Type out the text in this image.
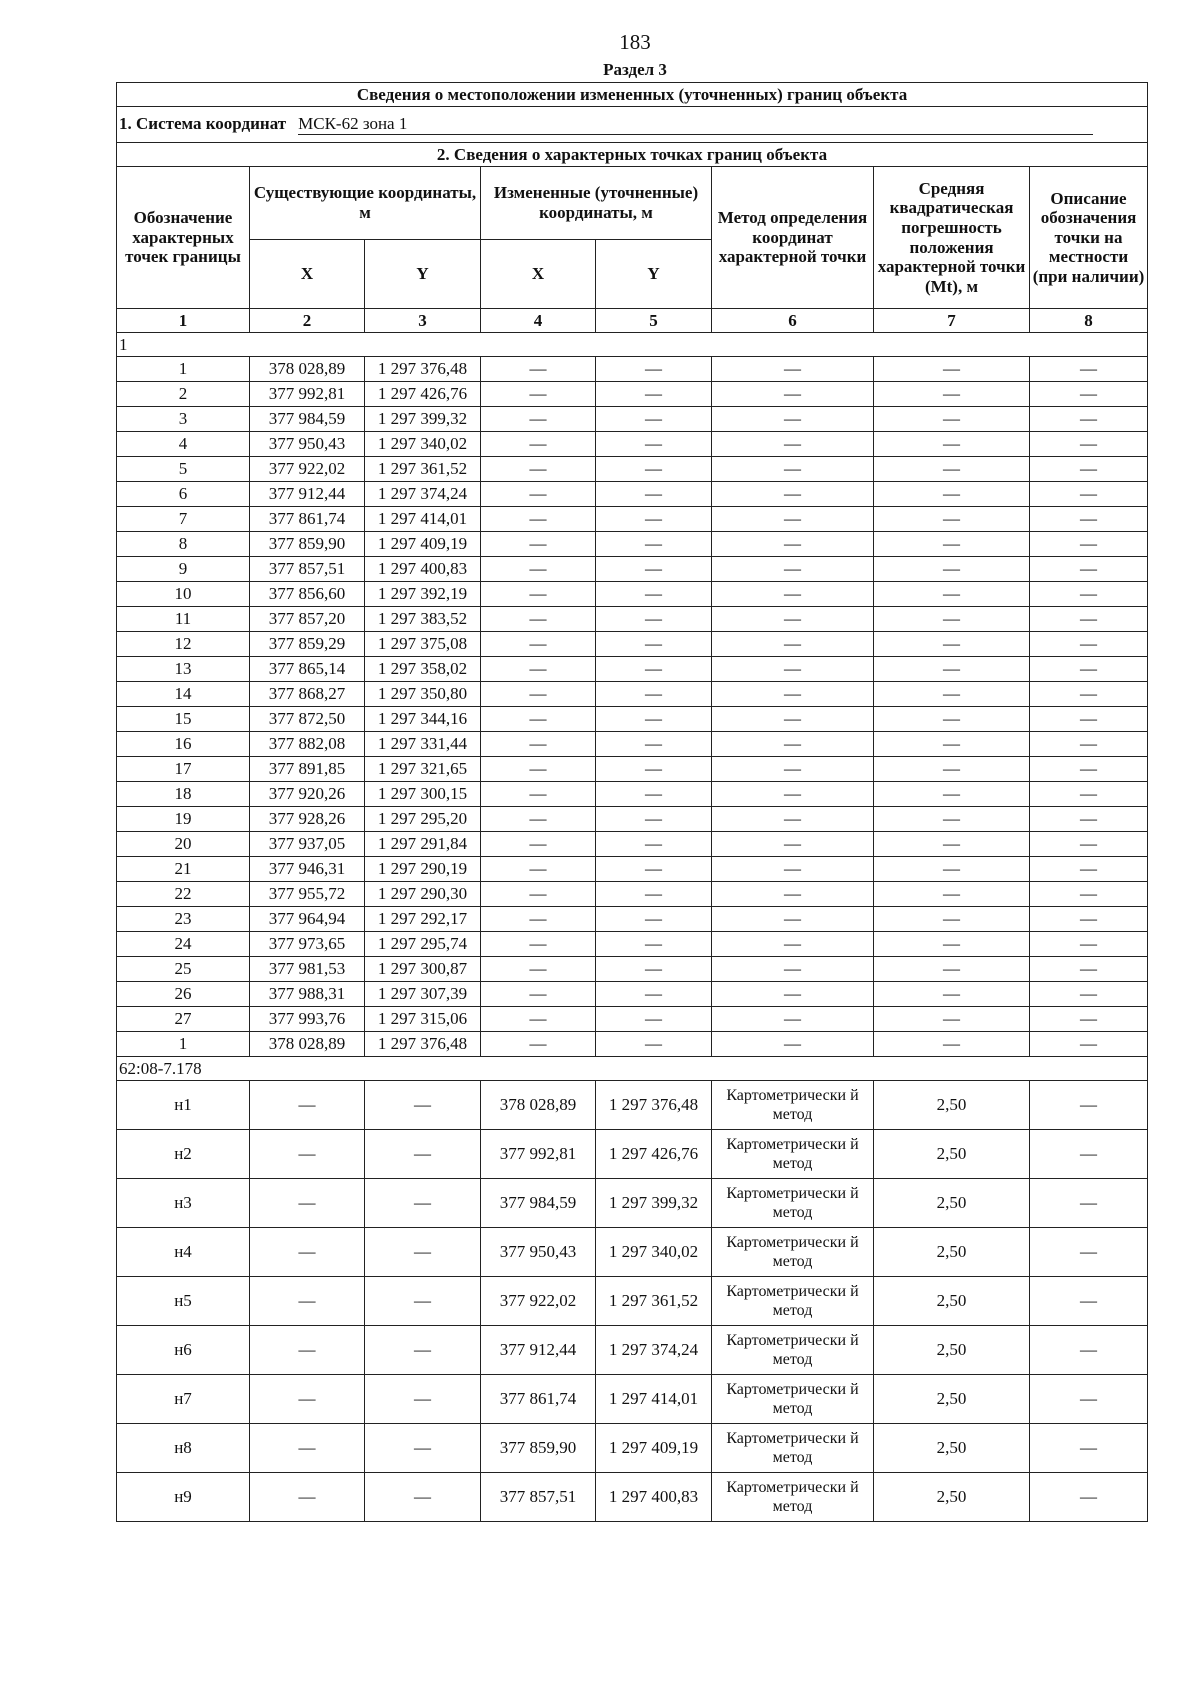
183
Раздел 3
Сведения о местоположении измененных (уточненных) границ объекта							
1. Система координат МСК-62 зона 1							
2. Сведения о характерных точках границ объекта							
Обозначение характерных точек границы	Существующие координаты, м		Измененные (уточненные) координаты, м		Метод определения координат характерной точки	Средняя квадратическая погрешность положения характерной точки (Mt), м	Описание обозначения точки на местности (при наличии)
	X	Y	X	Y			
1	2	3	4	5	6	7	8
1							
1	378 028,89	1 297 376,48	—	—	—	—	—
2	377 992,81	1 297 426,76	—	—	—	—	—
3	377 984,59	1 297 399,32	—	—	—	—	—
4	377 950,43	1 297 340,02	—	—	—	—	—
5	377 922,02	1 297 361,52	—	—	—	—	—
6	377 912,44	1 297 374,24	—	—	—	—	—
7	377 861,74	1 297 414,01	—	—	—	—	—
8	377 859,90	1 297 409,19	—	—	—	—	—
9	377 857,51	1 297 400,83	—	—	—	—	—
10	377 856,60	1 297 392,19	—	—	—	—	—
11	377 857,20	1 297 383,52	—	—	—	—	—
12	377 859,29	1 297 375,08	—	—	—	—	—
13	377 865,14	1 297 358,02	—	—	—	—	—
14	377 868,27	1 297 350,80	—	—	—	—	—
15	377 872,50	1 297 344,16	—	—	—	—	—
16	377 882,08	1 297 331,44	—	—	—	—	—
17	377 891,85	1 297 321,65	—	—	—	—	—
18	377 920,26	1 297 300,15	—	—	—	—	—
19	377 928,26	1 297 295,20	—	—	—	—	—
20	377 937,05	1 297 291,84	—	—	—	—	—
21	377 946,31	1 297 290,19	—	—	—	—	—
22	377 955,72	1 297 290,30	—	—	—	—	—
23	377 964,94	1 297 292,17	—	—	—	—	—
24	377 973,65	1 297 295,74	—	—	—	—	—
25	377 981,53	1 297 300,87	—	—	—	—	—
26	377 988,31	1 297 307,39	—	—	—	—	—
27	377 993,76	1 297 315,06	—	—	—	—	—
1	378 028,89	1 297 376,48	—	—	—	—	—
62:08-7.178							
н1	—	—	378 028,89	1 297 376,48	Картометрически й метод	2,50	—
н2	—	—	377 992,81	1 297 426,76	Картометрически й метод	2,50	—
н3	—	—	377 984,59	1 297 399,32	Картометрически й метод	2,50	—
н4	—	—	377 950,43	1 297 340,02	Картометрически й метод	2,50	—
н5	—	—	377 922,02	1 297 361,52	Картометрически й метод	2,50	—
н6	—	—	377 912,44	1 297 374,24	Картометрически й метод	2,50	—
н7	—	—	377 861,74	1 297 414,01	Картометрически й метод	2,50	—
н8	—	—	377 859,90	1 297 409,19	Картометрически й метод	2,50	—
н9	—	—	377 857,51	1 297 400,83	Картометрически й метод	2,50	—
